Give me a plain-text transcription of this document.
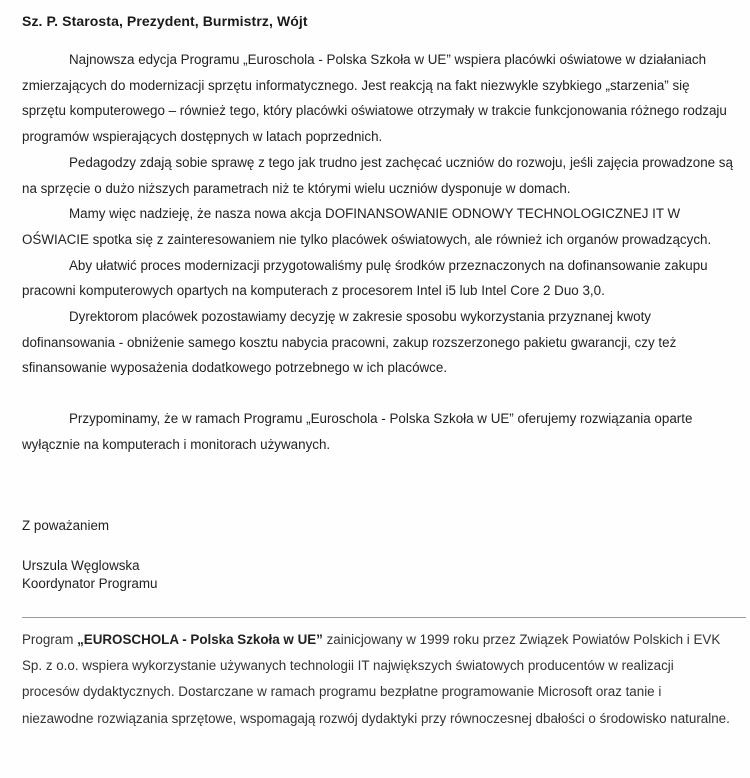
Sz. P. Starosta, Prezydent, Burmistrz, Wójt

Najnowsza edycja Programu „Euroschola - Polska Szkoła w UE” wspiera placówki oświatowe w działaniach zmierzających do modernizacji sprzętu informatycznego. Jest reakcją na fakt niezwykle szybkiego „starzenia” się sprzętu komputerowego – również tego, który placówki oświatowe otrzymały w trakcie funkcjonowania różnego rodzaju programów wspierających dostępnych w latach poprzednich.

Pedagodzy zdają sobie sprawę z tego jak trudno jest zachęcać uczniów do rozwoju, jeśli zajęcia prowadzone są na sprzęcie o dużo niższych parametrach niż te którymi wielu uczniów dysponuje w domach.

Mamy więc nadzieję, że nasza nowa akcja DOFINANSOWANIE ODNOWY TECHNOLOGICZNEJ IT W OŚWIACIE spotka się z zainteresowaniem nie tylko placówek oświatowych, ale również ich organów prowadzących.

Aby ułatwić proces modernizacji przygotowaliśmy pulę środków przeznaczonych na dofinansowanie zakupu pracowni komputerowych opartych na komputerach z procesorem Intel i5 lub Intel Core 2 Duo 3,0.

Dyrektorom placówek pozostawiamy decyzję w zakresie sposobu wykorzystania przyznanej kwoty dofinansowania - obniżenie samego kosztu nabycia pracowni, zakup rozszerzonego pakietu gwarancji, czy też sfinansowanie wyposażenia dodatkowego potrzebnego w ich placówce.

Przypominamy, że w ramach Programu „Euroschola - Polska Szkoła w UE” oferujemy rozwiązania oparte wyłącznie na komputerach i monitorach używanych.

Z poważaniem
Urszula Węglowska
Koordynator Programu

Program „EUROSCHOLA - Polska Szkoła w UE” zainicjowany w 1999 roku przez Związek Powiatów Polskich i EVK Sp. z o.o. wspiera wykorzystanie używanych technologii IT największych światowych producentów w realizacji procesów dydaktycznych. Dostarczane w ramach programu bezpłatne programowanie Microsoft oraz tanie i niezawodne rozwiązania sprzętowe, wspomagają rozwój dydaktyki przy równoczesnej dbałości o środowisko naturalne.
